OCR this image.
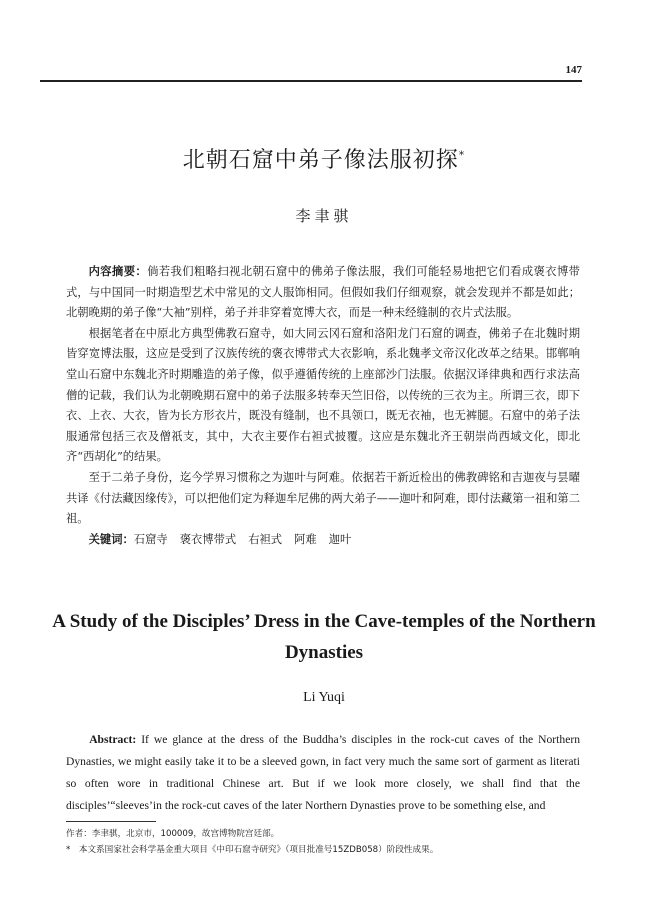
147
北朝石窟中弟子像法服初探*
李聿骐

内容摘要：倘若我们粗略扫视北朝石窟中的佛弟子像法服，我们可能轻易地把它们看成褒衣博带式，与中国同一时期造型艺术中常见的文人服饰相同。但假如我们仔细观察，就会发现并不都是如此；北朝晚期的弟子像“大袖”别样，弟子并非穿着宽博大衣，而是一种未经缝制的衣片式法服。

根据笔者在中原北方典型佛教石窟寺，如大同云冈石窟和洛阳龙门石窟的调查，佛弟子在北魏时期皆穿宽博法服，这应是受到了汉族传统的褒衣博带式大衣影响，系北魏孝文帝汉化改革之结果。邯郸响堂山石窟中东魏北齐时期雕造的弟子像，似乎遵循传统的上座部沙门法服。依据汉译律典和西行求法高僧的记载，我们认为北朝晚期石窟中的弟子法服多转奉天竺旧俗，以传统的三衣为主。所谓三衣，即下衣、上衣、大衣，皆为长方形衣片，既没有缝制，也不具领口，既无衣袖，也无裤腿。石窟中的弟子法服通常包括三衣及僧祇支，其中，大衣主要作右袒式披覆。这应是东魏北齐王朝崇尚西域文化，即北齐“西胡化”的结果。

至于二弟子身份，迄今学界习惯称之为迦叶与阿难。依据若干新近检出的佛教碑铭和吉迦夜与昙曜共译《付法藏因缘传》，可以把他们定为释迦牟尼佛的两大弟子——迦叶和阿难，即付法藏第一祖和第二祖。

关键词：石窟寺 褒衣博带式 右袒式 阿难 迦叶
A Study of the Disciples’ Dress in the Cave-temples of the Northern Dynasties
Li Yuqi

Abstract: If we glance at the dress of the Buddha’s disciples in the rock-cut caves of the Northern Dynasties, we might easily take it to be a sleeved gown, in fact very much the same sort of garment as literati so often wore in traditional Chinese art. But if we look more closely, we shall find that the disciples’“sleeves’in the rock-cut caves of the later Northern Dynasties prove to be something else, and

作者：李聿骐，北京市，100009，故宫博物院宫廷部。
*　本文系国家社会科学基金重大项目《中印石窟寺研究》（项目批准号15ZDB058）阶段性成果。
